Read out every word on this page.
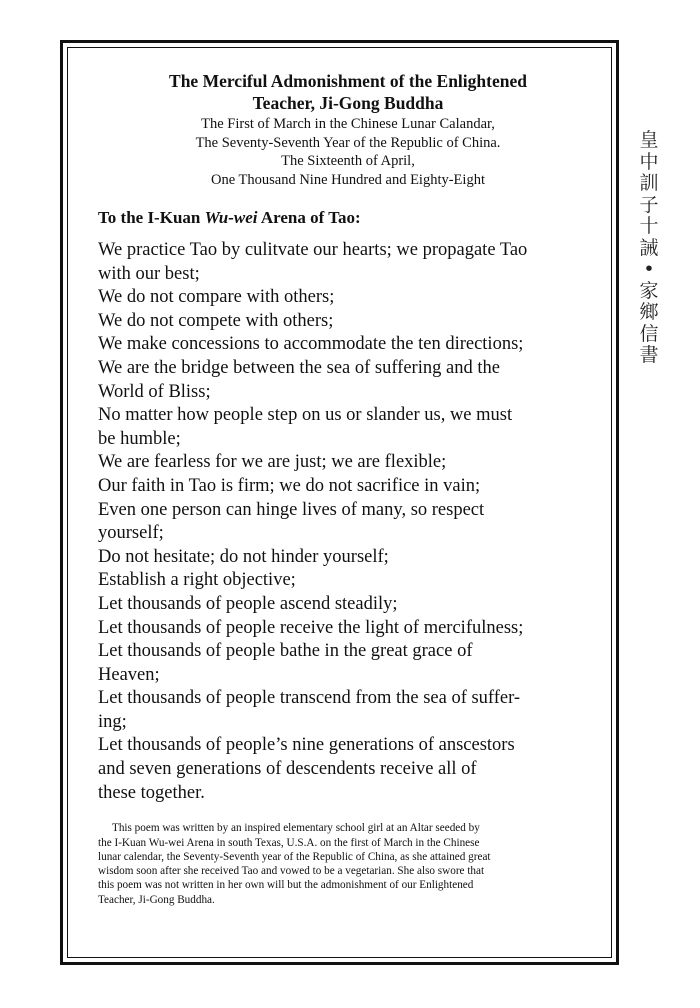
The Merciful Admonishment of the Enlightened
Teacher, Ji-Gong Buddha

The First of March in the Chinese Lunar Calandar,
The Seventy-Seventh Year of the Republic of China.
The Sixteenth of April,
One Thousand Nine Hundred and Eighty-Eight

To the I-Kuan Wu-wei Arena of Tao:

We practice Tao by culitvate our hearts; we propagate Tao
with our best;
We do not compare with others;
We do not compete with others;
We make concessions to accommodate the ten directions;
We are the bridge between the sea of suffering and the
World of Bliss;
No matter how people step on us or slander us, we must
be humble;
We are fearless for we are just; we are flexible;
Our faith in Tao is firm; we do not sacrifice in vain;
Even one person can hinge lives of many, so respect
yourself;
Do not hesitate; do not hinder yourself;
Establish a right objective;
Let thousands of people ascend steadily;
Let thousands of people receive the light of mercifulness;
Let thousands of people bathe in the great grace of
Heaven;
Let thousands of people transcend from the sea of suffer-
ing;
Let thousands of people’s nine generations of anscestors
and seven generations of descendents receive all of
these together.

This poem was written by an inspired elementary school girl at an Altar seeded by
the I-Kuan Wu-wei Arena in south Texas, U.S.A. on the first of March in the Chinese
lunar calendar, the Seventy-Seventh year of the Republic of China, as she attained great
wisdom soon after she received Tao and vowed to be a vegetarian. She also swore that
this poem was not written in her own will but the admonishment of our Enlightened
Teacher, Ji-Gong Buddha.

皇
中
訓
子
十
誡
•
家
鄉
信
書
